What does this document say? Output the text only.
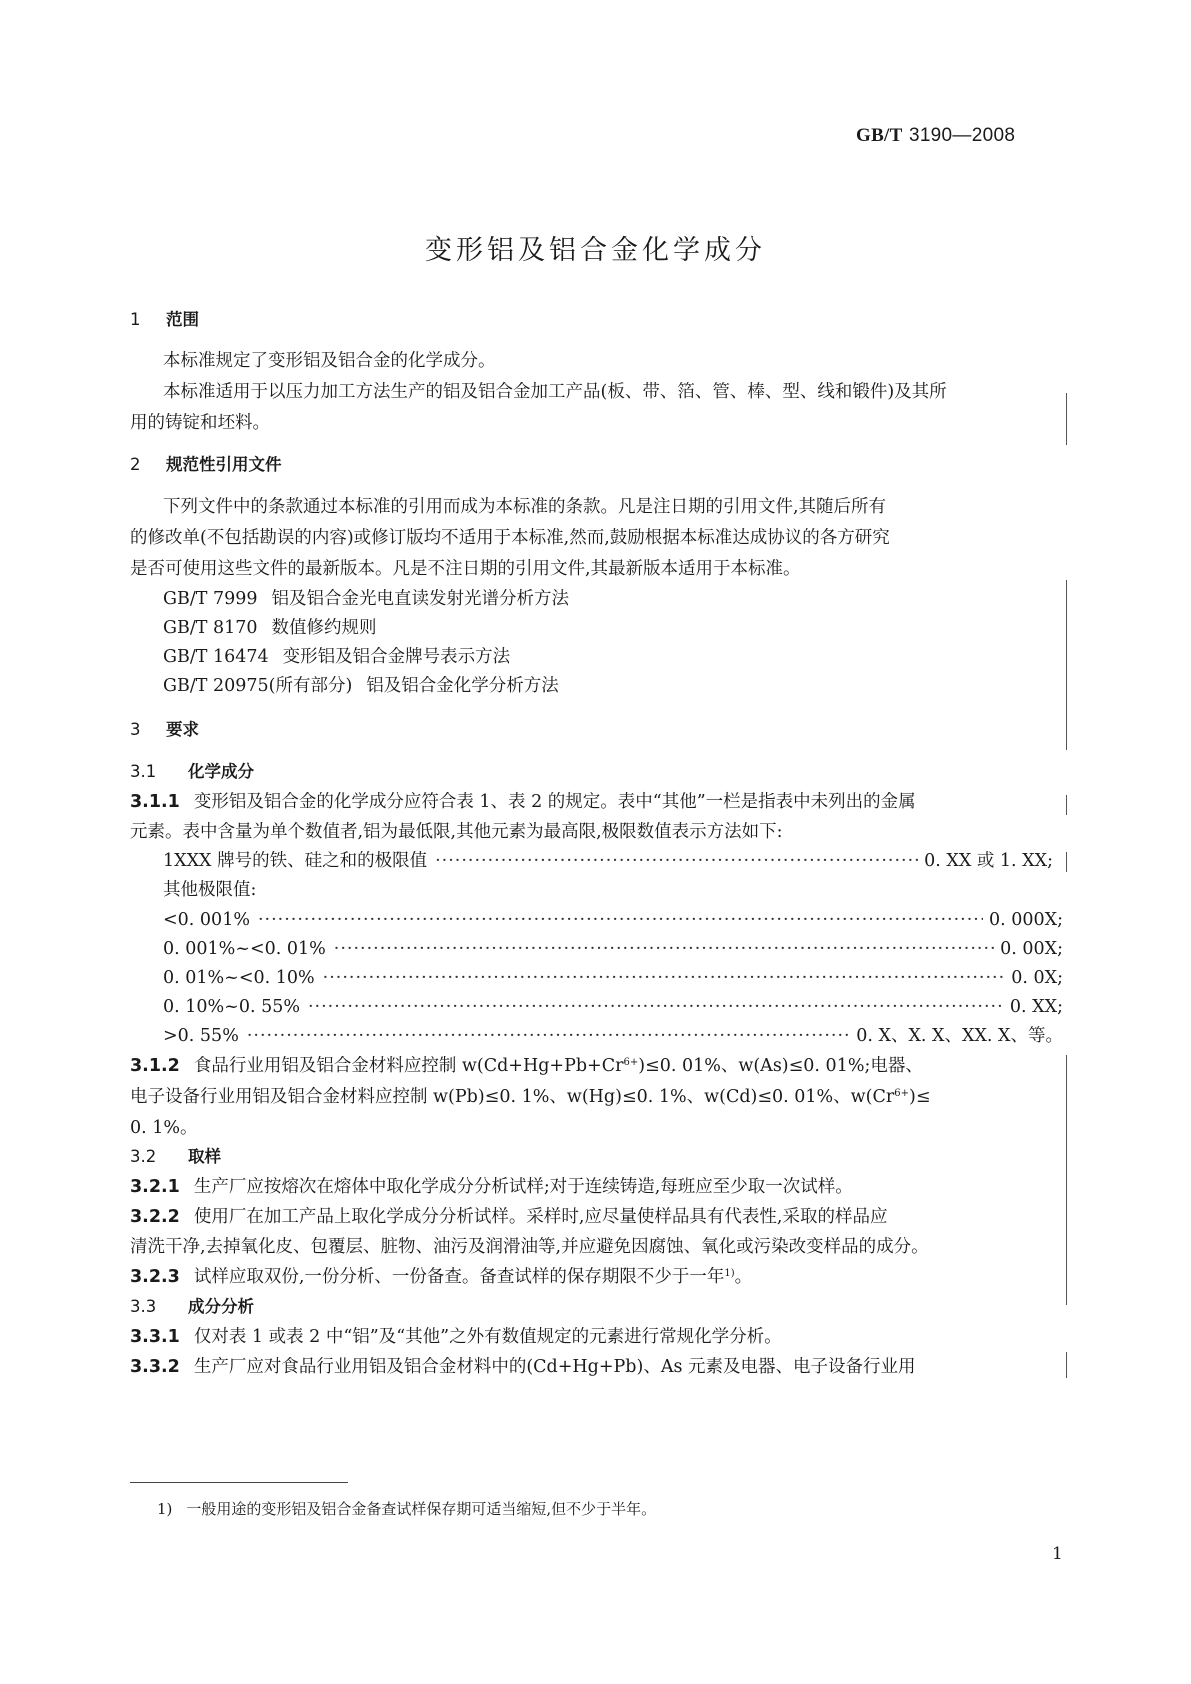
GB/T 3190—2008
变形铝及铝合金化学成分
1 范围
本标准规定了变形铝及铝合金的化学成分。
本标准适用于以压力加工方法生产的铝及铝合金加工产品(板、带、箔、管、棒、型、线和锻件)及其所
用的铸锭和坯料。
2 规范性引用文件
下列文件中的条款通过本标准的引用而成为本标准的条款。凡是注日期的引用文件,其随后所有
的修改单(不包括勘误的内容)或修订版均不适用于本标准,然而,鼓励根据本标准达成协议的各方研究
是否可使用这些文件的最新版本。凡是不注日期的引用文件,其最新版本适用于本标准。
GB/T 7999 铝及铝合金光电直读发射光谱分析方法
GB/T 8170 数值修约规则
GB/T 16474 变形铝及铝合金牌号表示方法
GB/T 20975(所有部分) 铝及铝合金化学分析方法
3 要求
3.1 化学成分
3.1.1 变形铝及铝合金的化学成分应符合表 1、表 2 的规定。表中“其他”一栏是指表中未列出的金属
元素。表中含量为单个数值者,铝为最低限,其他元素为最高限,极限数值表示方法如下:
1XXX 牌号的铁、硅之和的极限值 ·····	0. XX 或 1. XX;
其他极限值:
<0. 001% ·····	0. 000X;
0. 001%~<0. 01% ·····	0. 00X;
0. 01%~<0. 10% ·····	0. 0X;
0. 10%~0. 55% ·····	0. XX;
>0. 55% ·····	0. X、X. X、XX. X、等。
3.1.2 食品行业用铝及铝合金材料应控制 $w(Cd+Hg+Pb+Cr^{6+})\le 0$. 01%、w(As)≤0. 01%;电器、
电子设备行业用铝及铝合金材料应控制 w(Pb)≤0. 1%、w(Hg)≤0. 1%、w(Cd)≤0. 01%、$w(Cr^{6+})\le$
0. 1%。
3.2 取样
3.2.1 生产厂应按熔次在熔体中取化学成分分析试样;对于连续铸造,每班应至少取一次试样。
3.2.2 使用厂在加工产品上取化学成分分析试样。采样时,应尽量使样品具有代表性,采取的样品应
清洗干净,去掉氧化皮、包覆层、脏物、油污及润滑油等,并应避免因腐蚀、氧化或污染改变样品的成分。
3.2.3 试样应取双份,一份分析、一份备查。备查试样的保存期限不少于一年$^{1)}$。
3.3 成分分析
3.3.1 仅对表 1 或表 2 中“铝”及“其他”之外有数值规定的元素进行常规化学分析。
3.3.2 生产厂应对食品行业用铝及铝合金材料中的(Cd+Hg+Pb)、As 元素及电器、电子设备行业用
1) 一般用途的变形铝及铝合金备查试样保存期可适当缩短,但不少于半年。
1
